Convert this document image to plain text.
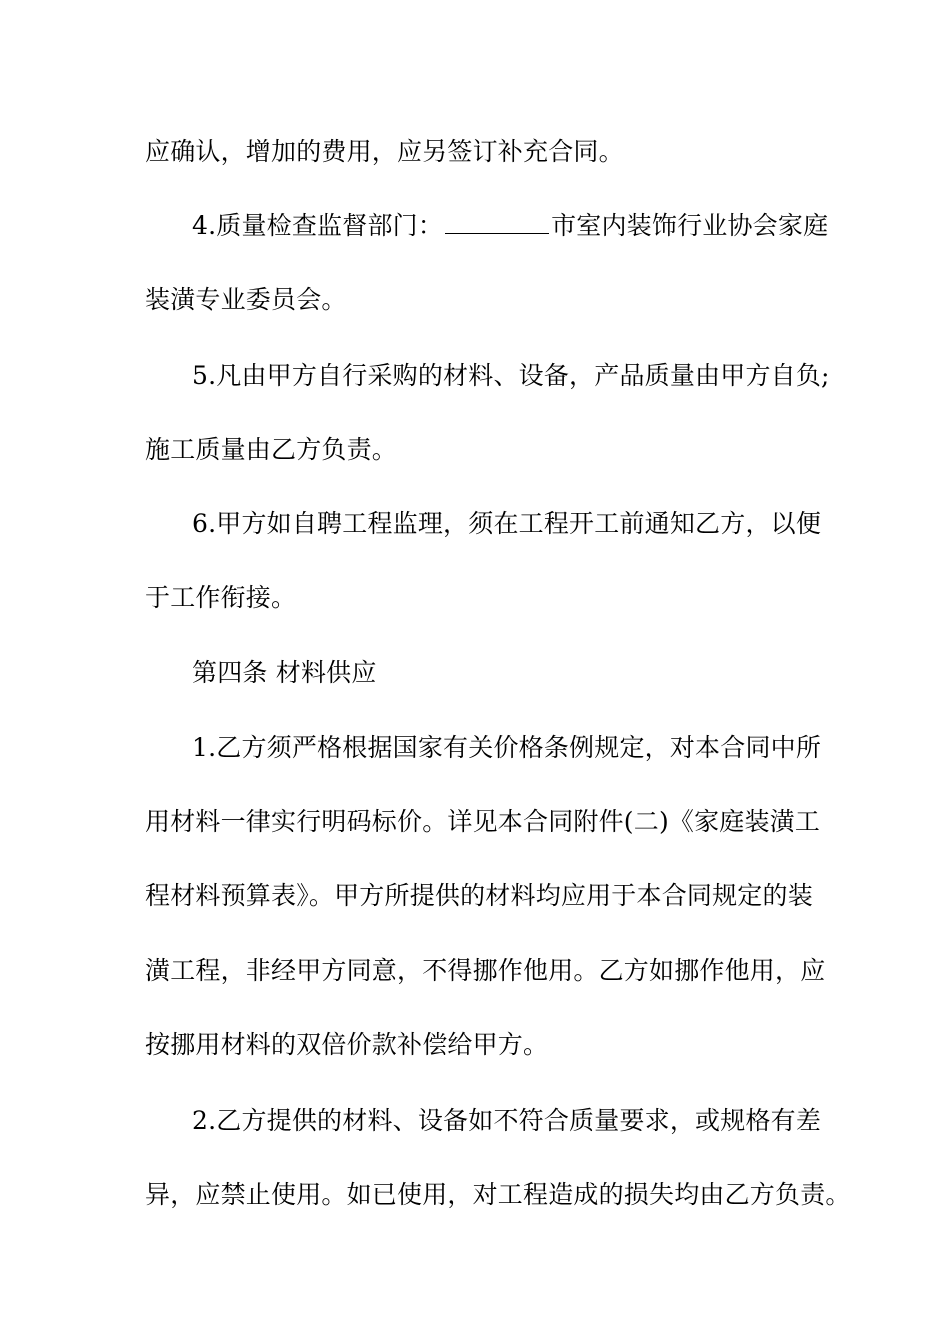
应确认，增加的费用，应另签订补充合同。
4.质量检查监督部门：	市室内装饰行业协会家庭
装潢专业委员会。
5.凡由甲方自行采购的材料、设备，产品质量由甲方自负;
施工质量由乙方负责。
6.甲方如自聘工程监理，须在工程开工前通知乙方，以便
于工作衔接。
第四条 材料供应
1.乙方须严格根据国家有关价格条例规定，对本合同中所
用材料一律实行明码标价。详见本合同附件(二)《家庭装潢工
程材料预算表》。甲方所提供的材料均应用于本合同规定的装
潢工程，非经甲方同意，不得挪作他用。乙方如挪作他用，应
按挪用材料的双倍价款补偿给甲方。
2.乙方提供的材料、设备如不符合质量要求，或规格有差
异，应禁止使用。如已使用，对工程造成的损失均由乙方负责。
